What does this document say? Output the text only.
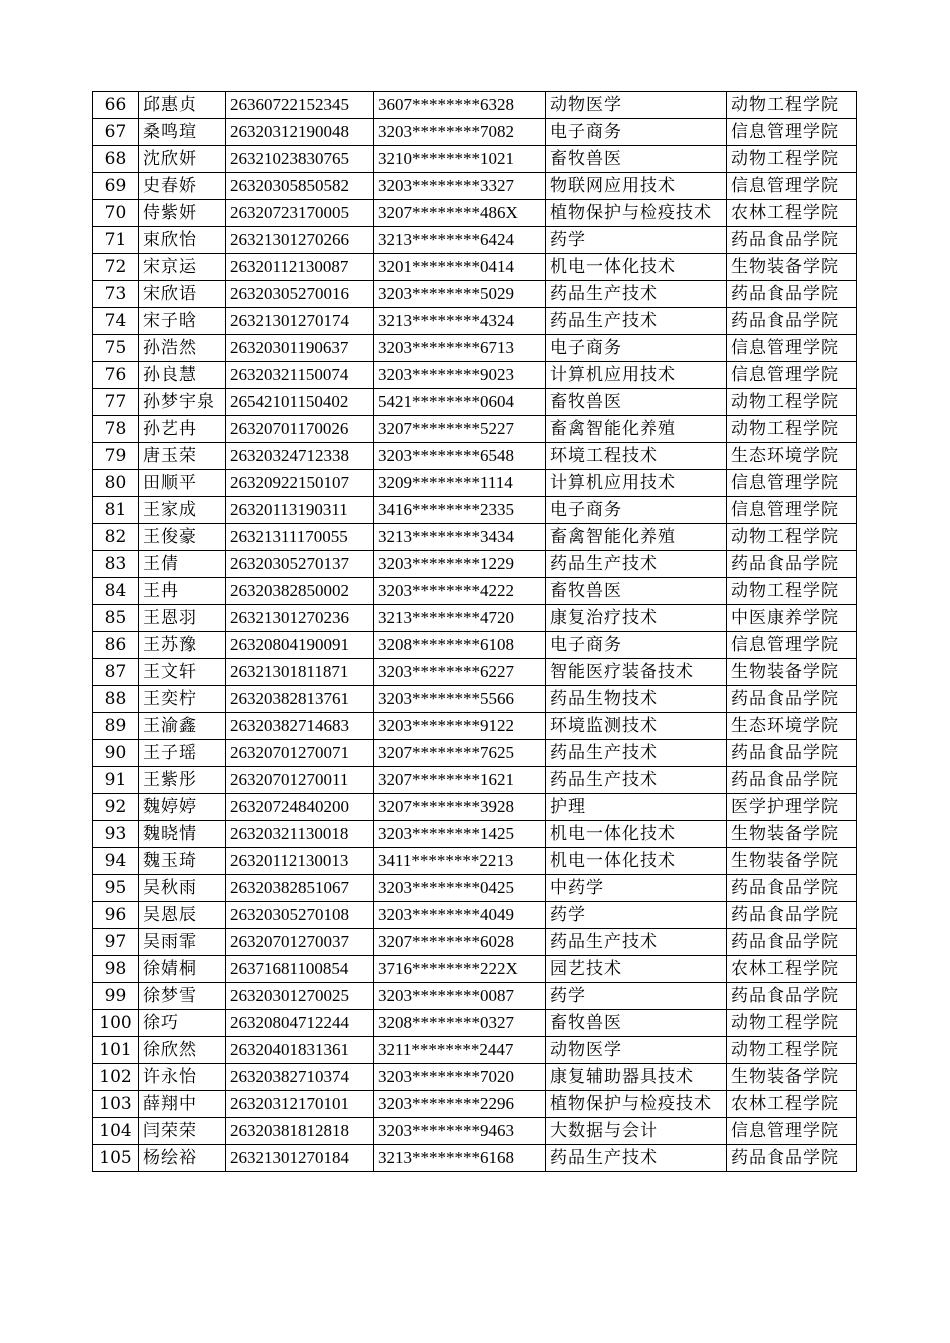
66	邱惠贞	26360722152345	3607********6328	动物医学	动物工程学院
67	桑鸣瑄	26320312190048	3203********7082	电子商务	信息管理学院
68	沈欣妍	26321023830765	3210********1021	畜牧兽医	动物工程学院
69	史春娇	26320305850582	3203********3327	物联网应用技术	信息管理学院
70	侍紫妍	26320723170005	3207********486X	植物保护与检疫技术	农林工程学院
71	束欣怡	26321301270266	3213********6424	药学	药品食品学院
72	宋京运	26320112130087	3201********0414	机电一体化技术	生物装备学院
73	宋欣语	26320305270016	3203********5029	药品生产技术	药品食品学院
74	宋子晗	26321301270174	3213********4324	药品生产技术	药品食品学院
75	孙浩然	26320301190637	3203********6713	电子商务	信息管理学院
76	孙良慧	26320321150074	3203********9023	计算机应用技术	信息管理学院
77	孙梦宇泉	26542101150402	5421********0604	畜牧兽医	动物工程学院
78	孙艺冉	26320701170026	3207********5227	畜禽智能化养殖	动物工程学院
79	唐玉荣	26320324712338	3203********6548	环境工程技术	生态环境学院
80	田顺平	26320922150107	3209********1114	计算机应用技术	信息管理学院
81	王家成	26320113190311	3416********2335	电子商务	信息管理学院
82	王俊豪	26321311170055	3213********3434	畜禽智能化养殖	动物工程学院
83	王倩	26320305270137	3203********1229	药品生产技术	药品食品学院
84	王冉	26320382850002	3203********4222	畜牧兽医	动物工程学院
85	王恩羽	26321301270236	3213********4720	康复治疗技术	中医康养学院
86	王苏豫	26320804190091	3208********6108	电子商务	信息管理学院
87	王文轩	26321301811871	3203********6227	智能医疗装备技术	生物装备学院
88	王奕柠	26320382813761	3203********5566	药品生物技术	药品食品学院
89	王渝鑫	26320382714683	3203********9122	环境监测技术	生态环境学院
90	王子瑶	26320701270071	3207********7625	药品生产技术	药品食品学院
91	王紫彤	26320701270011	3207********1621	药品生产技术	药品食品学院
92	魏婷婷	26320724840200	3207********3928	护理	医学护理学院
93	魏晓情	26320321130018	3203********1425	机电一体化技术	生物装备学院
94	魏玉琦	26320112130013	3411********2213	机电一体化技术	生物装备学院
95	吴秋雨	26320382851067	3203********0425	中药学	药品食品学院
96	吴恩辰	26320305270108	3203********4049	药学	药品食品学院
97	吴雨霏	26320701270037	3207********6028	药品生产技术	药品食品学院
98	徐婧桐	26371681100854	3716********222X	园艺技术	农林工程学院
99	徐梦雪	26320301270025	3203********0087	药学	药品食品学院
100	徐巧	26320804712244	3208********0327	畜牧兽医	动物工程学院
101	徐欣然	26320401831361	3211********2447	动物医学	动物工程学院
102	许永怡	26320382710374	3203********7020	康复辅助器具技术	生物装备学院
103	薛翔中	26320312170101	3203********2296	植物保护与检疫技术	农林工程学院
104	闫荣荣	26320381812818	3203********9463	大数据与会计	信息管理学院
105	杨绘裕	26321301270184	3213********6168	药品生产技术	药品食品学院
